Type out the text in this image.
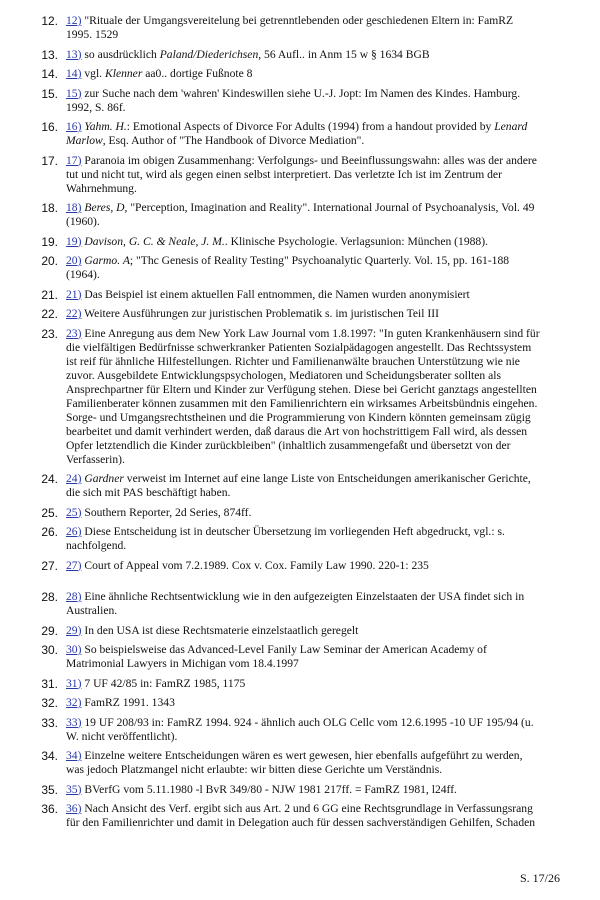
12. 12) "Rituale der Umgangsvereitelung bei getrenntlebenden oder geschiedenen Eltern in: FamRZ 1995. 1529
13. 13) so ausdrücklich Paland/Diederichsen, 56 Aufl.. in Anm 15 w § 1634 BGB
14. 14) vgl. Klenner aa0.. dortige Fußnote 8
15. 15) zur Suche nach dem 'wahren' Kindeswillen siehe U.-J. Jopt: Im Namen des Kindes. Hamburg. 1992, S. 86f.
16. 16) Yahm. H.: Emotional Aspects of Divorce For Adults (1994) from a handout provided by Lenard Marlow, Esq. Author of "The Handbook of Divorce Mediation".
17. 17) Paranoia im obigen Zusammenhang: Verfolgungs- und Beeinflussungswahn: alles was der andere tut und nicht tut, wird als gegen einen selbst interpretiert. Das verletzte Ich ist im Zentrum der Wahrnehmung.
18. 18) Beres, D, "Perception, Imagination and Reality". International Journal of Psychoanalysis, Vol. 49 (1960).
19. 19) Davison, G. C. & Neale, J. M.. Klinische Psychologie. Verlagsunion: München (1988).
20. 20) Garmo. A; "Thc Genesis of Reality Testing" Psychoanalytic Quarterly. Vol. 15, pp. 161-188 (1964).
21. 21) Das Beispiel ist einem aktuellen Fall entnommen, die Namen wurden anonymisiert
22. 22) Weitere Ausführungen zur juristischen Problematik s. im juristischen Teil III
23. 23) Eine Anregung aus dem New York Law Journal vom 1.8.1997: "In guten Krankenhäusern sind für die vielfältigen Bedürfnisse schwerkranker Patienten Sozialpädagogen angestellt. Das Rechtssystem ist reif für ähnliche Hilfestellungen. Richter und Familienanwälte brauchen Unterstützung wie nie zuvor. Ausgebildete Entwicklungspsychologen, Mediatoren und Scheidungsberater sollten als Ansprechpartner für Eltern und Kinder zur Verfügung stehen. Diese bei Gericht ganztags angestellten Familienberater können zusammen mit den Familienrichtern ein wirksames Arbeitsbündnis eingehen. Sorge- und Umgangsrechtstheinen und die Programmierung von Kindern könnten gemeinsam zügig bearbeitet und damit verhindert werden, daß daraus die Art von hochstrittigem Fall wird, als dessen Opfer letztendlich die Kinder zurückbleiben" (inhaltlich zusammengefaßt und übersetzt von der Verfasserin).
24. 24) Gardner verweist im Internet auf eine lange Liste von Entscheidungen amerikanischer Gerichte, die sich mit PAS beschäftigt haben.
25. 25) Southern Reporter, 2d Series, 874ff.
26. 26) Diese Entscheidung ist in deutscher Übersetzung im vorliegenden Heft abgedruckt, vgl.: s. nachfolgend.
27. 27) Court of Appeal vom 7.2.1989. Cox v. Cox. Family Law 1990. 220-1: 235
28. 28) Eine ähnliche Rechtsentwicklung wie in den aufgezeigten Einzelstaaten der USA findet sich in Australien.
29. 29) In den USA ist diese Rechtsmaterie einzelstaatlich geregelt
30. 30) So beispielsweise das Advanced-Level Fanily Law Seminar der American Academy of Matrimonial Lawyers in Michigan vom 18.4.1997
31. 31) 7 UF 42/85 in: FamRZ 1985, 1175
32. 32) FamRZ 1991. 1343
33. 33) 19 UF 208/93 in: FamRZ 1994. 924 - ähnlich auch OLG Cellc vom 12.6.1995 -10 UF 195/94 (u. W. nicht veröffentlicht).
34. 34) Einzelne weitere Entscheidungen wären es wert gewesen, hier ebenfalls aufgeführt zu werden, was jedoch Platzmangel nicht erlaubte: wir bitten diese Gerichte um Verständnis.
35. 35) BVerfG vom 5.11.1980 -l BvR 349/80 - NJW 1981 217ff. = FamRZ 1981, l24ff.
36. 36) Nach Ansicht des Verf. ergibt sich aus Art. 2 und 6 GG eine Rechtsgrundlage in Verfassungsrang für den Familienrichter und damit in Delegation auch für dessen sachverständigen Gehilfen, Schaden
S. 17/26
